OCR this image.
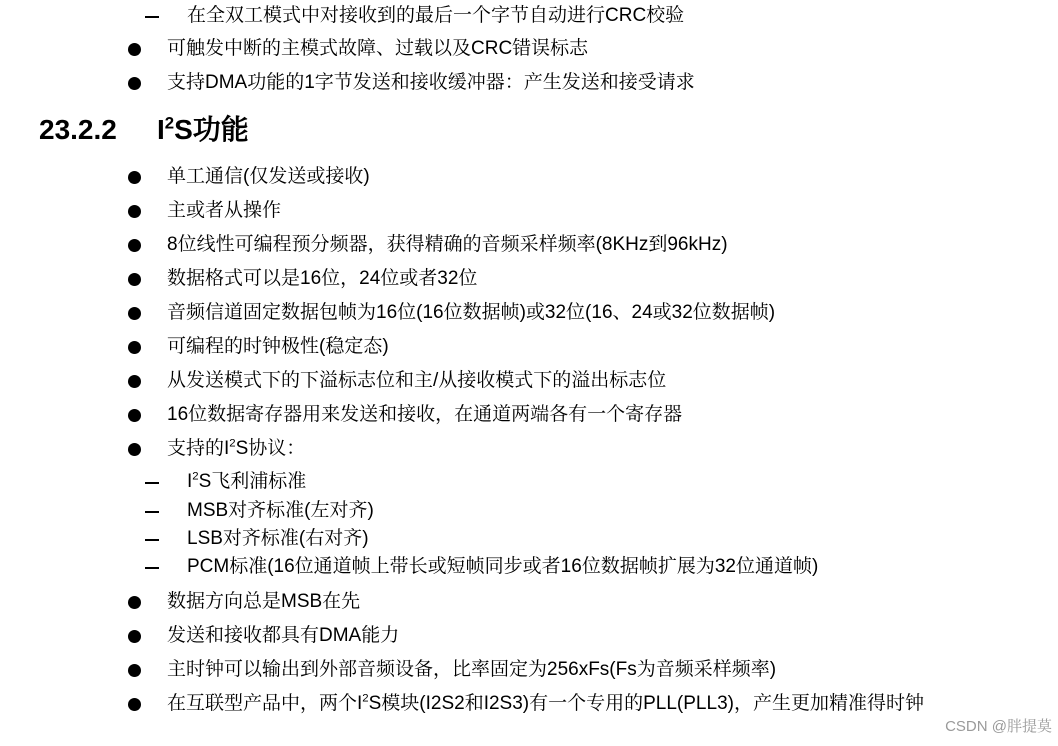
在全双工模式中对接收到的最后一个字节自动进行CRC校验
可触发中断的主模式故障、过载以及CRC错误标志
支持DMA功能的1字节发送和接收缓冲器：产生发送和接受请求
23.2.2 $I^2S$功能
单工通信(仅发送或接收)
主或者从操作
8位线性可编程预分频器，获得精确的音频采样频率(8KHz到96kHz)
数据格式可以是16位，24位或者32位
音频信道固定数据包帧为16位(16位数据帧)或32位(16、24或32位数据帧)
可编程的时钟极性(稳定态)
从发送模式下的下溢标志位和主/从接收模式下的溢出标志位
16位数据寄存器用来发送和接收，在通道两端各有一个寄存器
支持的$I^2S$协议：
$I^2S$飞利浦标准
MSB对齐标准(左对齐)
LSB对齐标准(右对齐)
PCM标准(16位通道帧上带长或短帧同步或者16位数据帧扩展为32位通道帧)
数据方向总是MSB在先
发送和接收都具有DMA能力
主时钟可以输出到外部音频设备，比率固定为256xFs(Fs为音频采样频率)
在互联型产品中，两个$I^2S$模块(I2S2和I2S3)有一个专用的PLL(PLL3)，产生更加精准得时钟
CSDN @胖提莫
